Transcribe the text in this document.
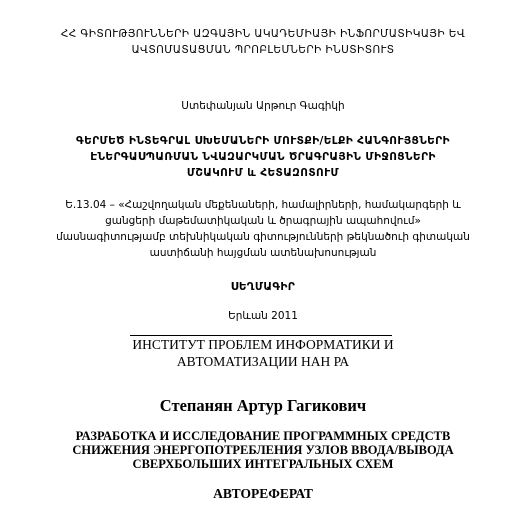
ՀՀ ԳԻՏՈՒԹՅՈՒՆՆԵՐԻ ԱԶԳԱՅԻՆ ԱԿԱԴԵՄԻԱՅԻ ԻՆՖՈՐՄԱՏԻԿԱՅԻ ԵՎ
ԱՎՏՈՄԱՏԱՑՄԱՆ ՊՐՈԲԼԵՄՆԵՐԻ ԻՆՍՏԻՏՈՒՏ
Ստեփանյան Արթուր Գագիկի
ԳԵՐՄԵԾ ԻՆՏԵԳՐԱԼ ՍԽԵՄԱՆԵՐԻ ՄՈՒՏՔԻ/ԵԼՔԻ ՀԱՆԳՈՒՅՑՆԵՐԻ
ԷՆԵՐԳԱՍՊԱՌՄԱՆ ՆՎԱԶԱՐԿՄԱՆ ԾՐԱԳՐԱՅԻՆ ՄԻՋՈՑՆԵՐԻ
ՄՇԱԿՈՒՄ և ՀԵՏԱԶՈՏՈՒՄ
Ե.13.04 – «Հաշվողական մեքենաների, համալիրների, համակարգերի և
ցանցերի մաթեմատիկական և ծրագրային ապահովում»
մասնագիտությամբ տեխնիկական գիտությունների թեկնածուի գիտական
աստիճանի հայցման ատենախոսության
ՍԵՂՄԱԳԻՐ
Երևան 2011
ИНСТИТУТ ПРОБЛЕМ ИНФОРМАТИКИ И
АВТОМАТИЗАЦИИ НАН РА
Степанян Артур Гагикович
РАЗРАБОТКА И ИССЛЕДОВАНИЕ ПРОГРАММНЫХ СРЕДСТВ
СНИЖЕНИЯ ЭНЕРГОПОТРЕБЛЕНИЯ УЗЛОВ ВВОДА/ВЫВОДА
СВЕРХБОЛЬШИХ ИНТЕГРАЛЬНЫХ СХЕМ
АВТОРЕФЕРАТ
